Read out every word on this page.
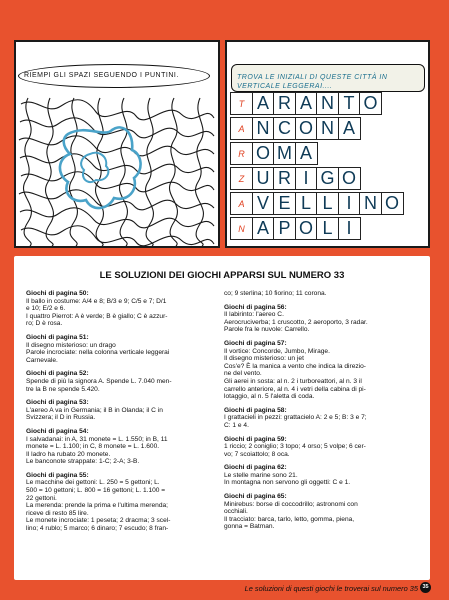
RIEMPI GLI SPAZI SEGUENDO I PUNTINI.	TROVA LE INIZIALI DI QUESTE CITTÀ IN
VERTICALE LEGGERAI....
T A R A N T O
A N C O N A
R O M A
Z U R I G O
A V E L L I N O
N A P O L I
LE SOLUZIONI DEI GIOCHI APPARSI SUL NUMERO 33
Giochi di pagina 50:
Il ballo in costume: A/4 e 8; B/3 e 9; C/5 e 7; D/1
e 10; E/2 e 6.
I quattro Pierrot: A è verde; B è giallo; C è azzur-
ro; D è rosa.
Giochi di pagina 51:
Il disegno misterioso: un drago
Parole incrociate: nella colonna verticale leggerai
Carnevale.
Giochi di pagina 52:
Spende di più la signora A. Spende L. 7.040 men-
tre la B ne spende 5.420.
Giochi di pagina 53:
L'aereo A va in Germania; il B in Olanda; il C in
Svizzera; il D in Russia.
Giochi di pagina 54:
I salvadanai: in A, 31 monete = L. 1.550; in B, 11
monete = L. 1.100; in C, 8 monete = L. 1.600.
Il ladro ha rubato 20 monete.
Le banconote strappate: 1-C; 2-A; 3-B.
Giochi di pagina 55:
Le macchine dei gettoni: L. 250 = 5 gettoni; L.
500 = 10 gettoni; L. 800 = 16 gettoni; L. 1.100 =
22 gettoni.
La merenda: prende la prima e l'ultima merenda;
riceve di resto 85 lire.
Le monete incrociate: 1 peseta; 2 dracma; 3 scel-
lino; 4 rublo; 5 marco; 6 dinaro; 7 escudo; 8 fran-
co; 9 sterlina; 10 fiorino; 11 corona.
Giochi di pagina 56:
Il labirinto: l'aereo C.
Aerocruciverba; 1 cruscotto, 2 aeroporto, 3 radar.
Parole fra le nuvole: Carrello.
Giochi di pagina 57:
Il vortice: Concorde, Jumbo, Mirage.
Il disegno misterioso: un jet
Cos'e? È la manica a vento che indica la direzio-
ne del vento.
Gli aerei in sosta: al n. 2 i turboreattori, al n. 3 il
carrello anteriore, al n. 4 i vetri della cabina di pi-
lotaggio, al n. 5 l'aletta di coda.
Giochi di pagina 58:
I grattacieli in pezzi: grattacielo A: 2 e 5; B: 3 e 7;
C: 1 e 4.
Giochi di pagina 59:
1 riccio; 2 coniglio; 3 topo; 4 orso; 5 volpe; 6 cer-
vo; 7 scoiattolo; 8 oca.
Giochi di pagina 62:
Le stelle marine sono 21.
In montagna non servono gli oggetti: C e 1.
Giochi di pagina 65:
Minirebus: borse di coccodrillo; astronomi con
occhiali.
Il tracciato: barca, tarlo, letto, gomma, piena,
gonna = Batman.
Le soluzioni di questi giochi le troverai sul numero 35 35
